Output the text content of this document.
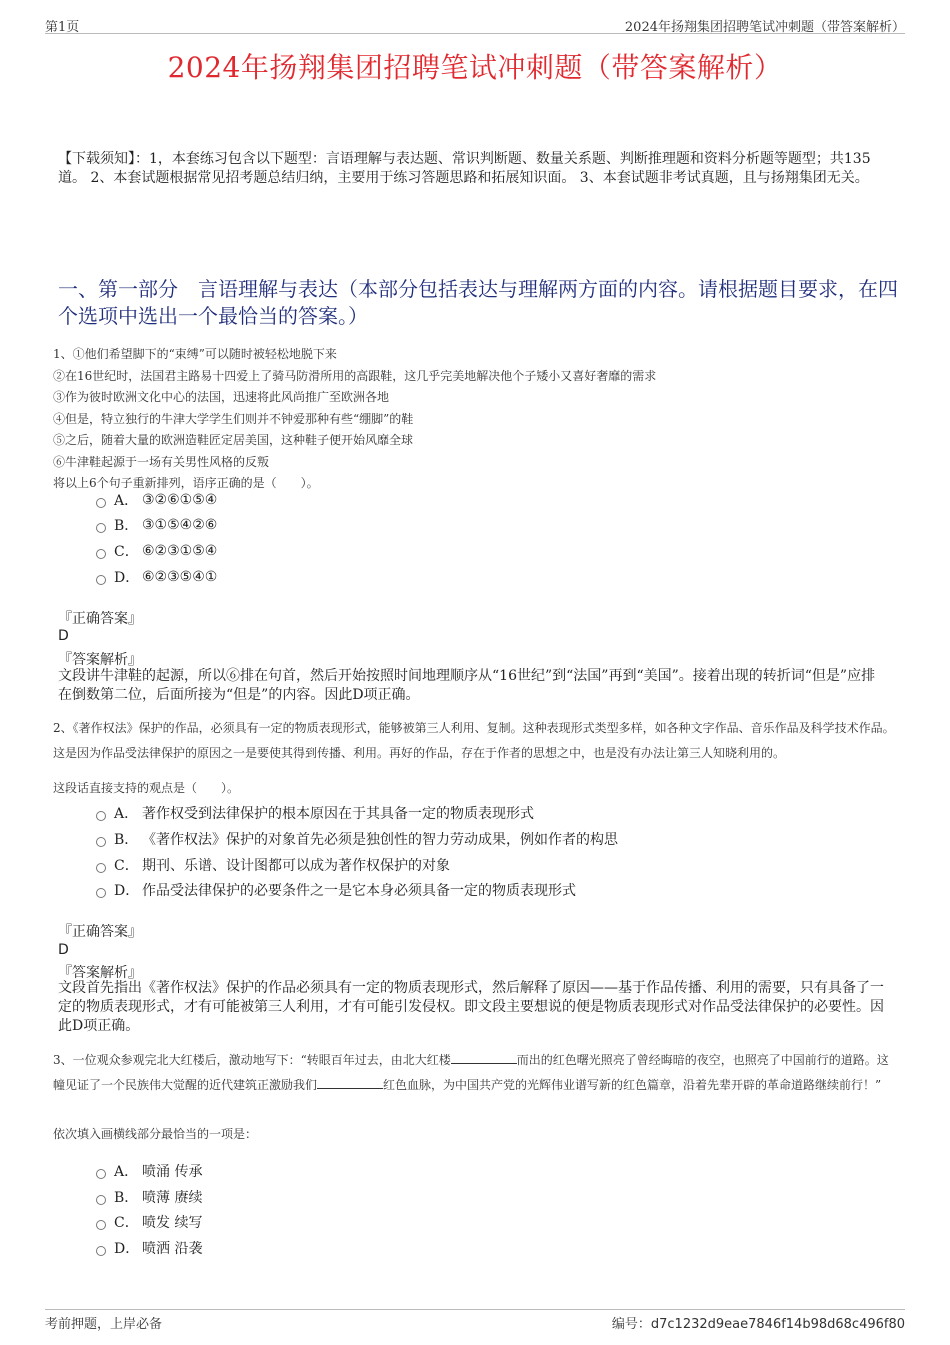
第1页	2024年扬翔集团招聘笔试冲刺题（带答案解析）
2024年扬翔集团招聘笔试冲刺题（带答案解析）
【下载须知】：1，本套练习包含以下题型：言语理解与表达题、常识判断题、数量关系题、判断推理题和资料分析题等题型；共135道。 2、本套试题根据常见招考题总结归纳，主要用于练习答题思路和拓展知识面。 3、本套试题非考试真题，且与扬翔集团无关。
一、第一部分　言语理解与表达（本部分包括表达与理解两方面的内容。请根据题目要求，在四个选项中选出一个最恰当的答案。）

1、①他们希望脚下的“束缚”可以随时被轻松地脱下来

②在16世纪时，法国君主路易十四爱上了骑马防滑所用的高跟鞋，这几乎完美地解决他个子矮小又喜好奢靡的需求

③作为彼时欧洲文化中心的法国，迅速将此风尚推广至欧洲各地

④但是，特立独行的牛津大学学生们则并不钟爱那种有些“绷脚”的鞋

⑤之后，随着大量的欧洲造鞋匠定居美国，这种鞋子便开始风靡全球

⑥牛津鞋起源于一场有关男性风格的反叛

将以上6个句子重新排列，语序正确的是（　　）。

A． ③②⑥①⑤④
B． ③①⑤④②⑥
C． ⑥②③①⑤④
D． ⑥②③⑤④①
『正确答案』
D
『答案解析』
文段讲牛津鞋的起源，所以⑥排在句首，然后开始按照时间地理顺序从“16世纪”到“法国”再到“美国”。接着出现的转折词“但是”应排在倒数第二位，后面所接为“但是”的内容。因此D项正确。

2、《著作权法》保护的作品，必须具有一定的物质表现形式，能够被第三人利用、复制。这种表现形式类型多样，如各种文字作品、音乐作品及科学技术作品。这是因为作品受法律保护的原因之一是要使其得到传播、利用。再好的作品，存在于作者的思想之中，也是没有办法让第三人知晓利用的。

这段话直接支持的观点是（　　）。

A． 著作权受到法律保护的根本原因在于其具备一定的物质表现形式
B． 《著作权法》保护的对象首先必须是独创性的智力劳动成果，例如作者的构思
C． 期刊、乐谱、设计图都可以成为著作权保护的对象
D． 作品受法律保护的必要条件之一是它本身必须具备一定的物质表现形式
『正确答案』
D
『答案解析』
文段首先指出《著作权法》保护的作品必须具有一定的物质表现形式，然后解释了原因——基于作品传播、利用的需要，只有具备了一定的物质表现形式，才有可能被第三人利用，才有可能引发侵权。即文段主要想说的便是物质表现形式对作品受法律保护的必要性。因此D项正确。

3、一位观众参观完北大红楼后，激动地写下：“转眼百年过去，由北大红楼	而出的红色曙光照亮了曾经晦暗的夜空，也照亮了中国前行的道路。这幢见证了一个民族伟大觉醒的近代建筑正激励我们	红色血脉，为中国共产党的光辉伟业谱写新的红色篇章，沿着先辈开辟的革命道路继续前行！”

依次填入画横线部分最恰当的一项是：

A． 喷涌 传承
B． 喷薄 赓续
C． 喷发 续写
D． 喷洒 沿袭
考前押题，上岸必备	编号：d7c1232d9eae7846f14b98d68c496f80
